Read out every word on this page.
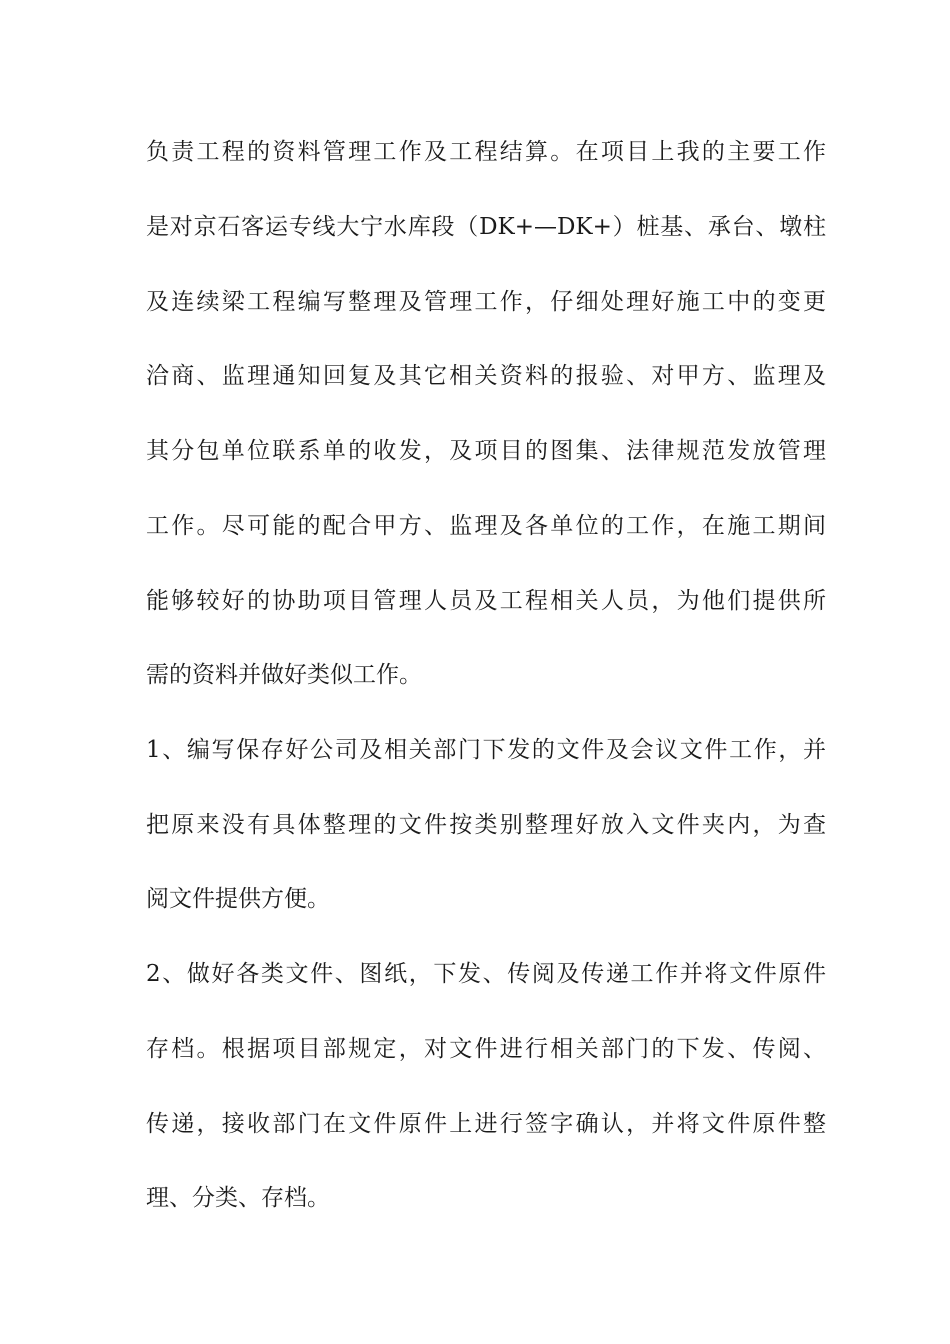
负责工程的资料管理工作及工程结算。在项目上我的主要工作
是对京石客运专线大宁水库段（DK+—DK+）桩基、承台、墩柱
及连续梁工程编写整理及管理工作，仔细处理好施工中的变更
洽商、监理通知回复及其它相关资料的报验、对甲方、监理及
其分包单位联系单的收发，及项目的图集、法律规范发放管理
工作。尽可能的配合甲方、监理及各单位的工作，在施工期间
能够较好的协助项目管理人员及工程相关人员，为他们提供所
需的资料并做好类似工作。
1、编写保存好公司及相关部门下发的文件及会议文件工作，并
把原来没有具体整理的文件按类别整理好放入文件夹内，为查
阅文件提供方便。
2、做好各类文件、图纸，下发、传阅及传递工作并将文件原件
存档。根据项目部规定，对文件进行相关部门的下发、传阅、
传递，接收部门在文件原件上进行签字确认，并将文件原件整
理、分类、存档。
